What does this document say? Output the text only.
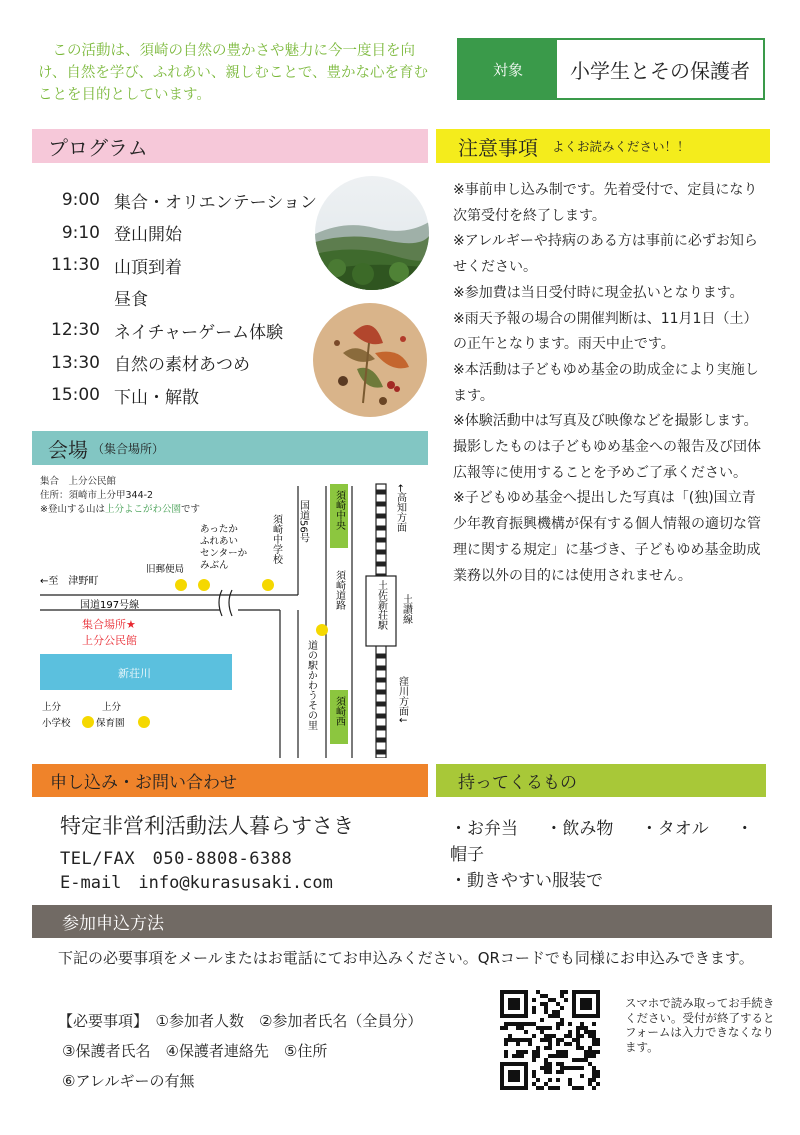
　この活動は、須崎の自然の豊かさや魅力に今一度目を向け、自然を学び、ふれあい、親しむことで、豊かな心を育むことを目的としています。
対象	小学生とその保護者
プログラム	注意事項 よくお読みください！！
9:00 集合・オリエンテーション
9:10 登山開始
11:30 山頂到着
昼食
12:30 ネイチャーゲーム体験
13:30 自然の素材あつめ
15:00 下山・解散
※事前申し込み制です。先着受付で、定員になり次第受付を終了します。
※アレルギーや持病のある方は事前に必ずお知らせください。
※参加費は当日受付時に現金払いとなります。
※雨天予報の場合の開催判断は、11月1日（土）の正午となります。雨天中止です。
※本活動は子どもゆめ基金の助成金により実施します。
※体験活動中は写真及び映像などを撮影します。撮影したものは子どもゆめ基金への報告及び団体広報等に使用することを予めご了承ください。
※子どもゆめ基金へ提出した写真は「(独)国立青少年教育振興機構が保有する個人情報の適切な管理に関する規定」に基づき、子どもゆめ基金助成業務以外の目的には使用されません。
会場 （集合場所）
集合　上分公民館
住所：須崎市上分甲344-2
※登山する山は上分よこがわ公園です	国道56号
須崎中学校
須崎中央	←高知方面
須崎道路	土佐新荘駅 土讃線
道の駅かわうその里	窪川方面↓
須崎西
あったかふれあいセンターかみぶん
旧郵便局
←至　津野町
国道197号線
集合場所★
上分公民館
新荘川
上分
小学校
上分
保育園
申し込み・お問い合わせ	持ってくるもの
特定非営利活動法人暮らすさき
TEL/FAX　050-8808-6388
E-mail　info@kurasusaki.com
・お弁当 ・飲み物 ・タオル ・帽子
・動きやすい服装で
参加申込方法
下記の必要事項をメールまたはお電話にてお申込みください。QRコードでも同様にお申込みできます。
【必要事項】　①参加者人数　②参加者氏名（全員分）
③保護者氏名　④保護者連絡先　⑤住所
⑥アレルギーの有無
スマホで読み取ってお手続きください。受付が終了するとフォームは入力できなくなります。
